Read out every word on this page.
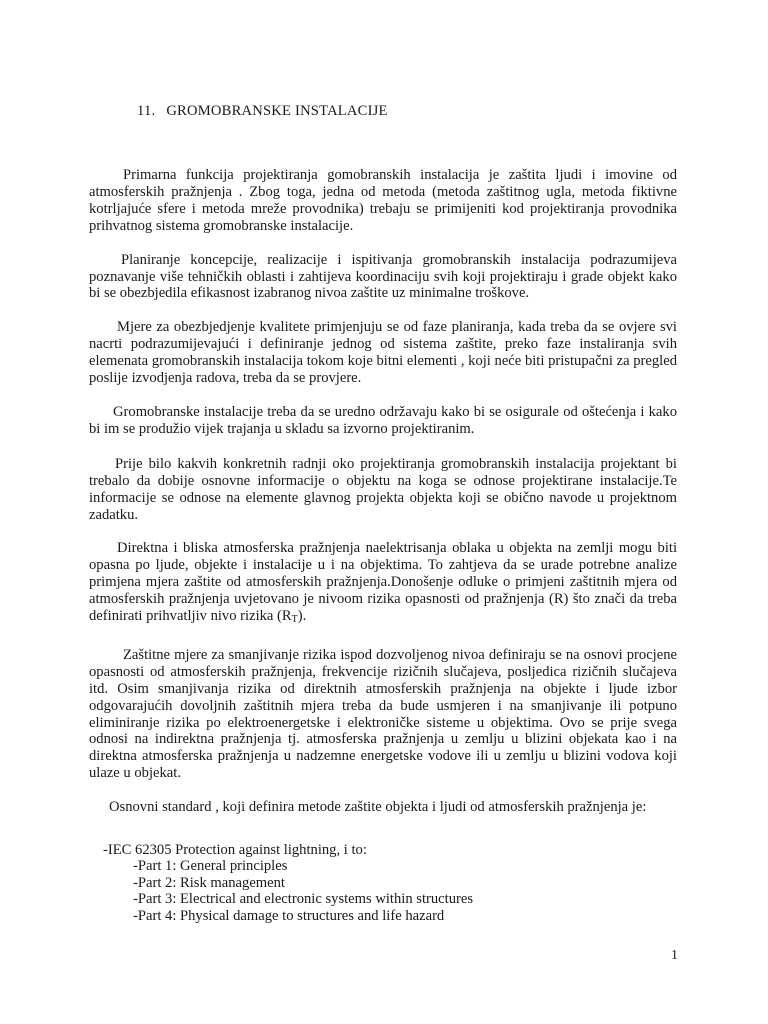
11. GROMOBRANSKE INSTALACIJE

Primarna funkcija projektiranja gomobranskih instalacija je zaštita ljudi i imovine od atmosferskih pražnjenja . Zbog toga, jedna od metoda (metoda zaštitnog ugla, metoda fiktivne kotrljajuće sfere i metoda mreže provodnika) trebaju se primijeniti kod projektiranja provodnika prihvatnog sistema gromobranske instalacije.

Planiranje koncepcije, realizacije i ispitivanja gromobranskih instalacija podrazumijeva poznavanje više tehničkih oblasti i zahtijeva koordinaciju svih koji projektiraju i grade objekt kako bi se obezbjedila efikasnost izabranog nivoa zaštite uz minimalne troškove.

Mjere za obezbjedjenje kvalitete primjenjuju se od faze planiranja, kada treba da se ovjere svi nacrti podrazumijevajući i definiranje jednog od sistema zaštite, preko faze instaliranja svih elemenata gromobranskih instalacija tokom koje bitni elementi , koji neće biti pristupačni za pregled poslije izvodjenja radova, treba da se provjere.

Gromobranske instalacije treba da se uredno održavaju kako bi se osigurale od oštećenja i kako bi im se produžio vijek trajanja u skladu sa izvorno projektiranim.

Prije bilo kakvih konkretnih radnji oko projektiranja gromobranskih instalacija projektant bi trebalo da dobije osnovne informacije o objektu na koga se odnose projektirane instalacije.Te informacije se odnose na elemente glavnog projekta objekta koji se obično navode u projektnom zadatku.

Direktna i bliska atmosferska pražnjenja naelektrisanja oblaka u objekta na zemlji mogu biti opasna po ljude, objekte i instalacije u i na objektima. To zahtjeva da se urade potrebne analize primjena mjera zaštite od atmosferskih pražnjenja.Donošenje odluke o primjeni zaštitnih mjera od atmosferskih pražnjenja uvjetovano je nivoom rizika opasnosti od pražnjenja (R) što znači da treba definirati prihvatljiv nivo rizika $(R_T)$.

Zaštitne mjere za smanjivanje rizika ispod dozvoljenog nivoa definiraju se na osnovi procjene opasnosti od atmosferskih pražnjenja, frekvencije rizičnih slučajeva, posljedica rizičnih slučajeva itd. Osim smanjivanja rizika od direktnih atmosferskih pražnjenja na objekte i ljude izbor odgovarajućih dovoljnih zaštitnih mjera treba da bude usmjeren i na smanjivanje ili potpuno eliminiranje rizika po elektroenergetske i elektroničke sisteme u objektima. Ovo se prije svega odnosi na indirektna pražnjenja tj. atmosferska pražnjenja u zemlju u blizini objekata kao i na direktna atmosferska pražnjenja u nadzemne energetske vodove ili u zemlju u blizini vodova koji ulaze u objekat.

Osnovni standard , koji definira metode zaštite objekta i ljudi od atmosferskih pražnjenja je:

-IEC 62305 Protection against lightning, i to:

-Part 1: General principles

-Part 2: Risk management

-Part 3: Electrical and electronic systems within structures

-Part 4: Physical damage to structures and life hazard

1
